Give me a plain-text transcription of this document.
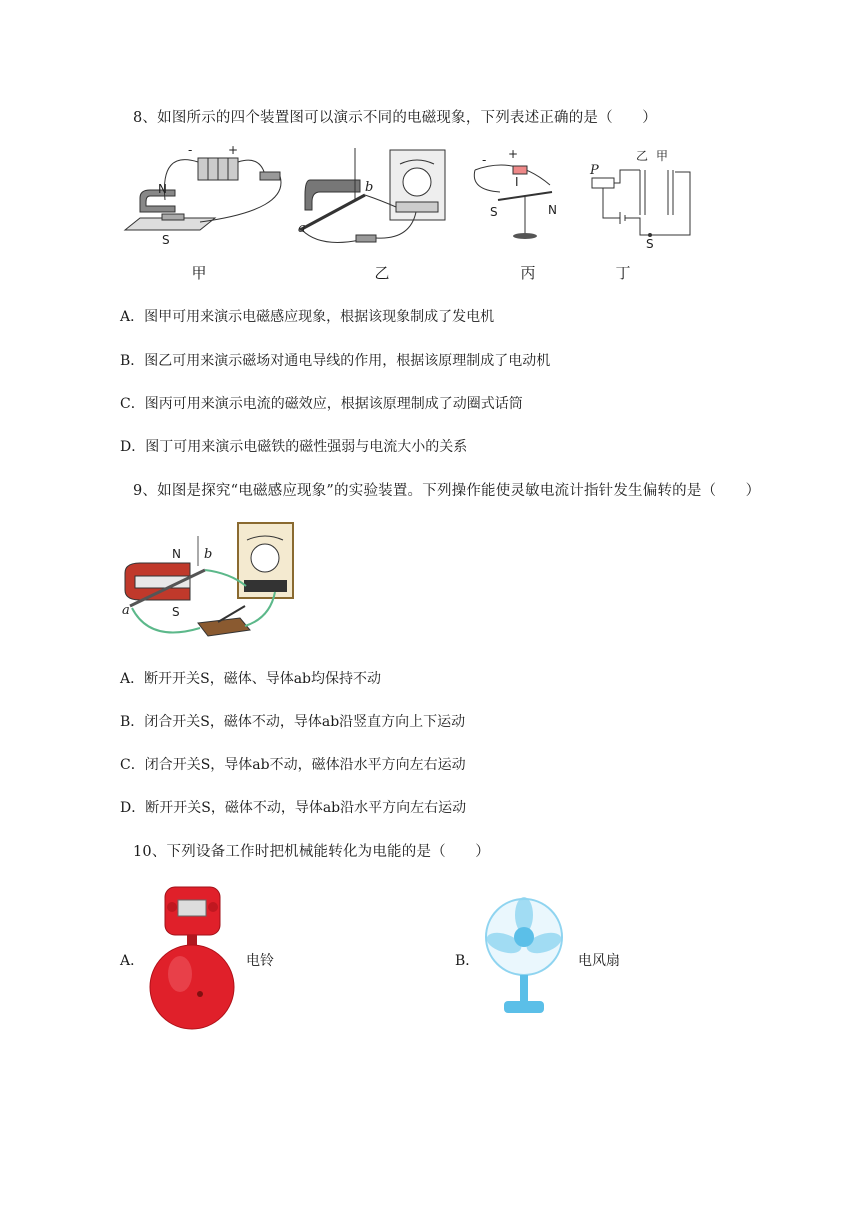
8、如图所示的四个装置图可以演示不同的电磁现象，下列表述正确的是（　　）
N
S
-	+
a
b
- +
I
S	N
P
乙 甲
S
甲	乙	丙	丁
A．图甲可用来演示电磁感应现象，根据该现象制成了发电机
B．图乙可用来演示磁场对通电导线的作用，根据该原理制成了电动机
C．图丙可用来演示电流的磁效应，根据该原理制成了动圈式话筒
D．图丁可用来演示电磁铁的磁性强弱与电流大小的关系
9、如图是探究“电磁感应现象”的实验装置。下列操作能使灵敏电流计指针发生偏转的是（　　）
N
S
a
b
A．断开开关S，磁体、导体ab均保持不动
B．闭合开关S，磁体不动，导体ab沿竖直方向上下运动
C．闭合开关S，导体ab不动，磁体沿水平方向左右运动
D．断开开关S，磁体不动，导体ab沿水平方向左右运动
10、下列设备工作时把机械能转化为电能的是（　　）
A．	电铃	B．	电风扇
